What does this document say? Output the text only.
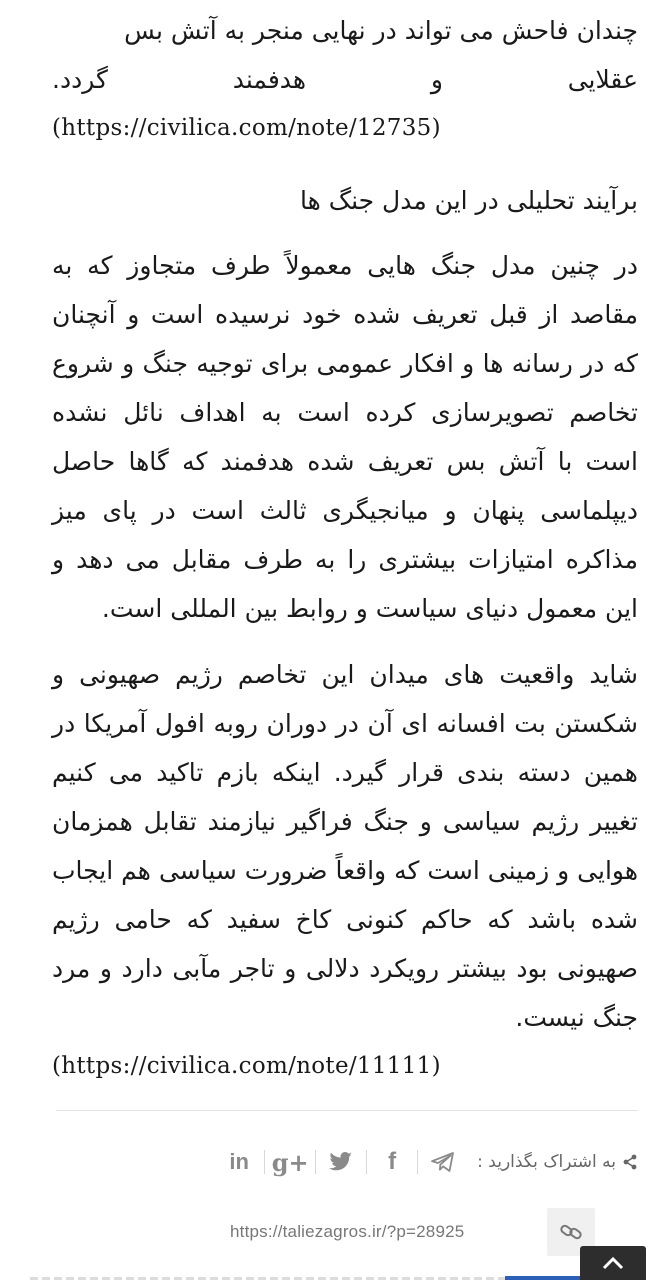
چندان فاحش می تواند در نهایی منجر به آتش بس

عقلایی و هدفمند گردد.

(https://civilica.com/note/12735)
برآیند تحلیلی در این مدل جنگ ها

در چنین مدل جنگ هایی معمولاً طرف متجاوز که به مقاصد از قبل تعریف شده خود نرسیده است و آنچنان که در رسانه ها و افکار عمومی برای توجیه جنگ و شروع تخاصم تصویرسازی کرده است به اهداف نائل نشده است با آتش بس تعریف شده هدفمند که گاها حاصل دیپلماسی پنهان و میانجیگری ثالث است در پای میز مذاکره امتیازات بیشتری را به طرف مقابل می دهد و این معمول دنیای سیاست و روابط بین المللی است.

شاید واقعیت های میدان این تخاصم رژیم صهیونی و شکستن بت افسانه ای آن در دوران روبه افول آمریکا در همین دسته بندی قرار گیرد. اینکه بازم تاکید می کنیم تغییر رژیم سیاسی و جنگ فراگیر نیازمند تقابل همزمان هوایی و زمینی است که واقعاً ضرورت سیاسی هم ایجاب شده باشد که حاکم کنونی کاخ سفید که حامی رژیم صهیونی بود بیشتر رویکرد دلالی و تاجر مآبی دارد و مرد جنگ نیست.

(https://civilica.com/note/11111)
به اشتراک بگذارید :
in g+	f
https://taliezagros.ir/?p=28925
